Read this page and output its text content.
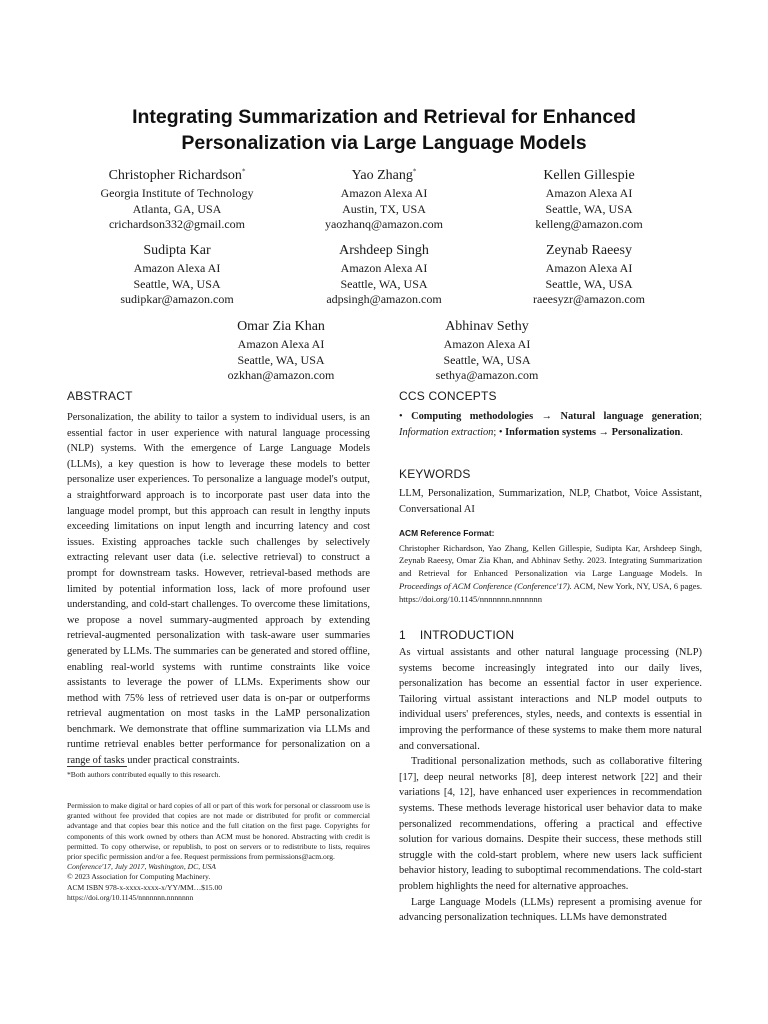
Integrating Summarization and Retrieval for Enhanced
Personalization via Large Language Models
Christopher Richardson*
Georgia Institute of Technology
Atlanta, GA, USA
crichardson332@gmail.com
Yao Zhang*
Amazon Alexa AI
Austin, TX, USA
yaozhanq@amazon.com
Kellen Gillespie
Amazon Alexa AI
Seattle, WA, USA
kelleng@amazon.com
Sudipta Kar
Amazon Alexa AI
Seattle, WA, USA
sudipkar@amazon.com
Arshdeep Singh
Amazon Alexa AI
Seattle, WA, USA
adpsingh@amazon.com
Zeynab Raeesy
Amazon Alexa AI
Seattle, WA, USA
raeesyzr@amazon.com
Omar Zia Khan
Amazon Alexa AI
Seattle, WA, USA
ozkhan@amazon.com
Abhinav Sethy
Amazon Alexa AI
Seattle, WA, USA
sethya@amazon.com
ABSTRACT

Personalization, the ability to tailor a system to individual users, is an essential factor in user experience with natural language processing (NLP) systems. With the emergence of Large Language Models (LLMs), a key question is how to leverage these models to better personalize user experiences. To personalize a language model's output, a straightforward approach is to incorporate past user data into the language model prompt, but this approach can result in lengthy inputs exceeding limitations on input length and incurring latency and cost issues. Existing approaches tackle such challenges by selectively extracting relevant user data (i.e. selective retrieval) to construct a prompt for downstream tasks. However, retrieval-based methods are limited by potential information loss, lack of more profound user understanding, and cold-start challenges. To overcome these limitations, we propose a novel summary-augmented approach by extending retrieval-augmented personalization with task-aware user summaries generated by LLMs. The summaries can be generated and stored offline, enabling real-world systems with runtime constraints like voice assistants to leverage the power of LLMs. Experiments show our method with 75% less of retrieved user data is on-par or outperforms retrieval augmentation on most tasks in the LaMP personalization benchmark. We demonstrate that offline summarization via LLMs and runtime retrieval enables better performance for personalization on a range of tasks under practical constraints.

*Both authors contributed equally to this research.

Permission to make digital or hard copies of all or part of this work for personal or classroom use is granted without fee provided that copies are not made or distributed for profit or commercial advantage and that copies bear this notice and the full citation on the first page. Copyrights for components of this work owned by others than ACM must be honored. Abstracting with credit is permitted. To copy otherwise, or republish, to post on servers or to redistribute to lists, requires prior specific permission and/or a fee. Request permissions from permissions@acm.org.

Conference'17, July 2017, Washington, DC, USA

© 2023 Association for Computing Machinery.

ACM ISBN 978-x-xxxx-xxxx-x/YY/MM…$15.00

https://doi.org/10.1145/nnnnnnn.nnnnnnn

CCS CONCEPTS

• Computing methodologies → Natural language generation; Information extraction; • Information systems → Personalization.

KEYWORDS

LLM, Personalization, Summarization, NLP, Chatbot, Voice Assistant, Conversational AI

ACM Reference Format:

Christopher Richardson, Yao Zhang, Kellen Gillespie, Sudipta Kar, Arshdeep Singh, Zeynab Raeesy, Omar Zia Khan, and Abhinav Sethy. 2023. Integrating Summarization and Retrieval for Enhanced Personalization via Large Language Models. In Proceedings of ACM Conference (Conference'17). ACM, New York, NY, USA, 6 pages. https://doi.org/10.1145/nnnnnnn.nnnnnnn

1 INTRODUCTION

As virtual assistants and other natural language processing (NLP) systems become increasingly integrated into our daily lives, personalization has become an essential factor in user experience. Tailoring virtual assistant interactions and NLP model outputs to individual users' preferences, styles, needs, and contexts is essential in improving the performance of these systems to make them more natural and conversational.

Traditional personalization methods, such as collaborative filtering [17], deep neural networks [8], deep interest network [22] and their variations [4, 12], have enhanced user experiences in recommendation systems. These methods leverage historical user behavior data to make personalized recommendations, offering a practical and effective solution for various domains. Despite their success, these methods still struggle with the cold-start problem, where new users lack sufficient behavior history, leading to suboptimal recommendations. The cold-start problem highlights the need for alternative approaches.

Large Language Models (LLMs) represent a promising avenue for advancing personalization techniques. LLMs have demonstrated
